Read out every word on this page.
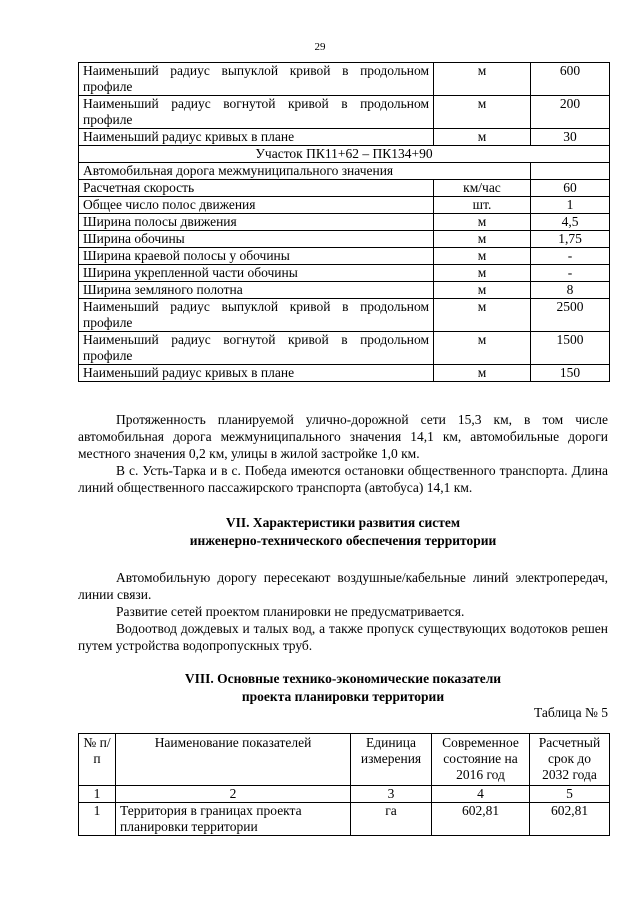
29
Наименьший радиус выпуклой кривой в продольном профиле	м	600
Наименьший радиус вогнутой кривой в продольном профиле	м	200
Наименьший радиус кривых в плане	м	30
Участок ПК11+62 – ПК134+90		
Автомобильная дорога межмуниципального значения		
Расчетная скорость	км/час	60
Общее число полос движения	шт.	1
Ширина полосы движения	м	4,5
Ширина обочины	м	1,75
Ширина краевой полосы у обочины	м	-
Ширина укрепленной части обочины	м	-
Ширина земляного полотна	м	8
Наименьший радиус выпуклой кривой в продольном профиле	м	2500
Наименьший радиус вогнутой кривой в продольном профиле	м	1500
Наименьший радиус кривых в плане	м	150
Протяженность планируемой улично-дорожной сети 15,3 км, в том числе автомобильная дорога межмуниципального значения 14,1 км, автомобильные дороги местного значения 0,2 км, улицы в жилой застройке 1,0 км.
В с. Усть-Тарка и в с. Победа имеются остановки общественного транспорта. Длина линий общественного пассажирского транспорта (автобуса) 14,1 км.
VII. Характеристики развития систем
инженерно-технического обеспечения территории
Автомобильную дорогу пересекают воздушные/кабельные линий электропередач, линии связи.
Развитие сетей проектом планировки не предусматривается.
Водоотвод дождевых и талых вод, а также пропуск существующих водотоков решен путем устройства водопропускных труб.
VIII. Основные технико-экономические показатели
проекта планировки территории
Таблица № 5
№ п/п	Наименование показателей	Единица измерения	Современное состояние на 2016 год	Расчетный срок до 2032 года
1	2	3	4	5
1	Территория в границах проекта планировки территории	га	602,81	602,81
